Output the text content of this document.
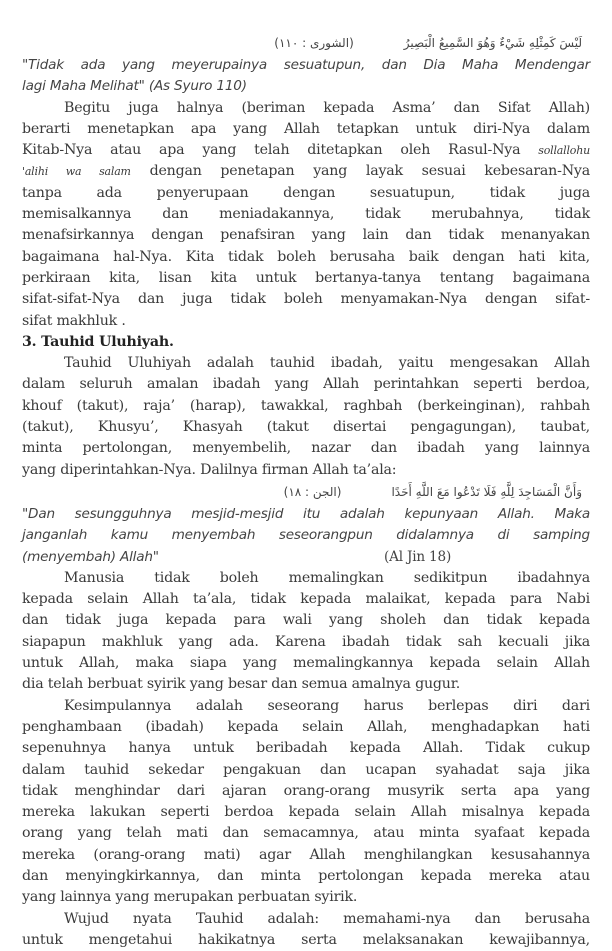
(الشورى : ١١٠)	لَيْسَ كَمِثْلِهِ شَيْءٌ وَهُوَ السَّمِيعُ الْبَصِيرُ
"Tidak ada yang meyerupainya sesuatupun, dan Dia Maha Mendengar
lagi Maha Melihat" (As Syuro 110)
Begitu juga halnya (beriman kepada Asma’ dan Sifat Allah)
berarti menetapkan apa yang Allah tetapkan untuk diri-Nya dalam
Kitab-Nya atau apa yang telah ditetapkan oleh Rasul-Nya sollallohu
'alihi wa salam dengan penetapan yang layak sesuai kebesaran-Nya
tanpa ada penyerupaan dengan sesuatupun, tidak juga
memisalkannya dan meniadakannya, tidak merubahnya, tidak
menafsirkannya dengan penafsiran yang lain dan tidak menanyakan
bagaimana hal-Nya. Kita tidak boleh berusaha baik dengan hati kita,
perkiraan kita, lisan kita untuk bertanya-tanya tentang bagaimana
sifat-sifat-Nya dan juga tidak boleh menyamakan-Nya dengan sifat-
sifat makhluk .
3. Tauhid Uluhiyah.
Tauhid Uluhiyah adalah tauhid ibadah, yaitu mengesakan Allah
dalam seluruh amalan ibadah yang Allah perintahkan seperti berdoa,
khouf (takut), raja’ (harap), tawakkal, raghbah (berkeinginan), rahbah
(takut), Khusyu’, Khasyah (takut disertai pengagungan), taubat,
minta pertolongan, menyembelih, nazar dan ibadah yang lainnya
yang diperintahkan-Nya. Dalilnya firman Allah ta’ala:
(الجن : ١٨)	وَأَنَّ الْمَسَاجِدَ لِلَّهِ فَلَا تَدْعُوا مَعَ اللَّهِ أَحَدًا
"Dan sesungguhnya mesjid-mesjid itu adalah kepunyaan Allah. Maka
janganlah kamu menyembah seseorangpun didalamnya di samping
(menyembah) Allah"	(Al Jin 18)
Manusia tidak boleh memalingkan sedikitpun ibadahnya
kepada selain Allah ta’ala, tidak kepada malaikat, kepada para Nabi
dan tidak juga kepada para wali yang sholeh dan tidak kepada
siapapun makhluk yang ada. Karena ibadah tidak sah kecuali jika
untuk Allah, maka siapa yang memalingkannya kepada selain Allah
dia telah berbuat syirik yang besar dan semua amalnya gugur.
Kesimpulannya adalah seseorang harus berlepas diri dari
penghambaan (ibadah) kepada selain Allah, menghadapkan hati
sepenuhnya hanya untuk beribadah kepada Allah. Tidak cukup
dalam tauhid sekedar pengakuan dan ucapan syahadat saja jika
tidak menghindar dari ajaran orang-orang musyrik serta apa yang
mereka lakukan seperti berdoa kepada selain Allah misalnya kepada
orang yang telah mati dan semacamnya, atau minta syafaat kepada
mereka (orang-orang mati) agar Allah menghilangkan kesusahannya
dan menyingkirkannya, dan minta pertolongan kepada mereka atau
yang lainnya yang merupakan perbuatan syirik.
Wujud nyata Tauhid adalah: memahami-nya dan berusaha
untuk mengetahui hakikatnya serta melaksanakan kewajibannya,
